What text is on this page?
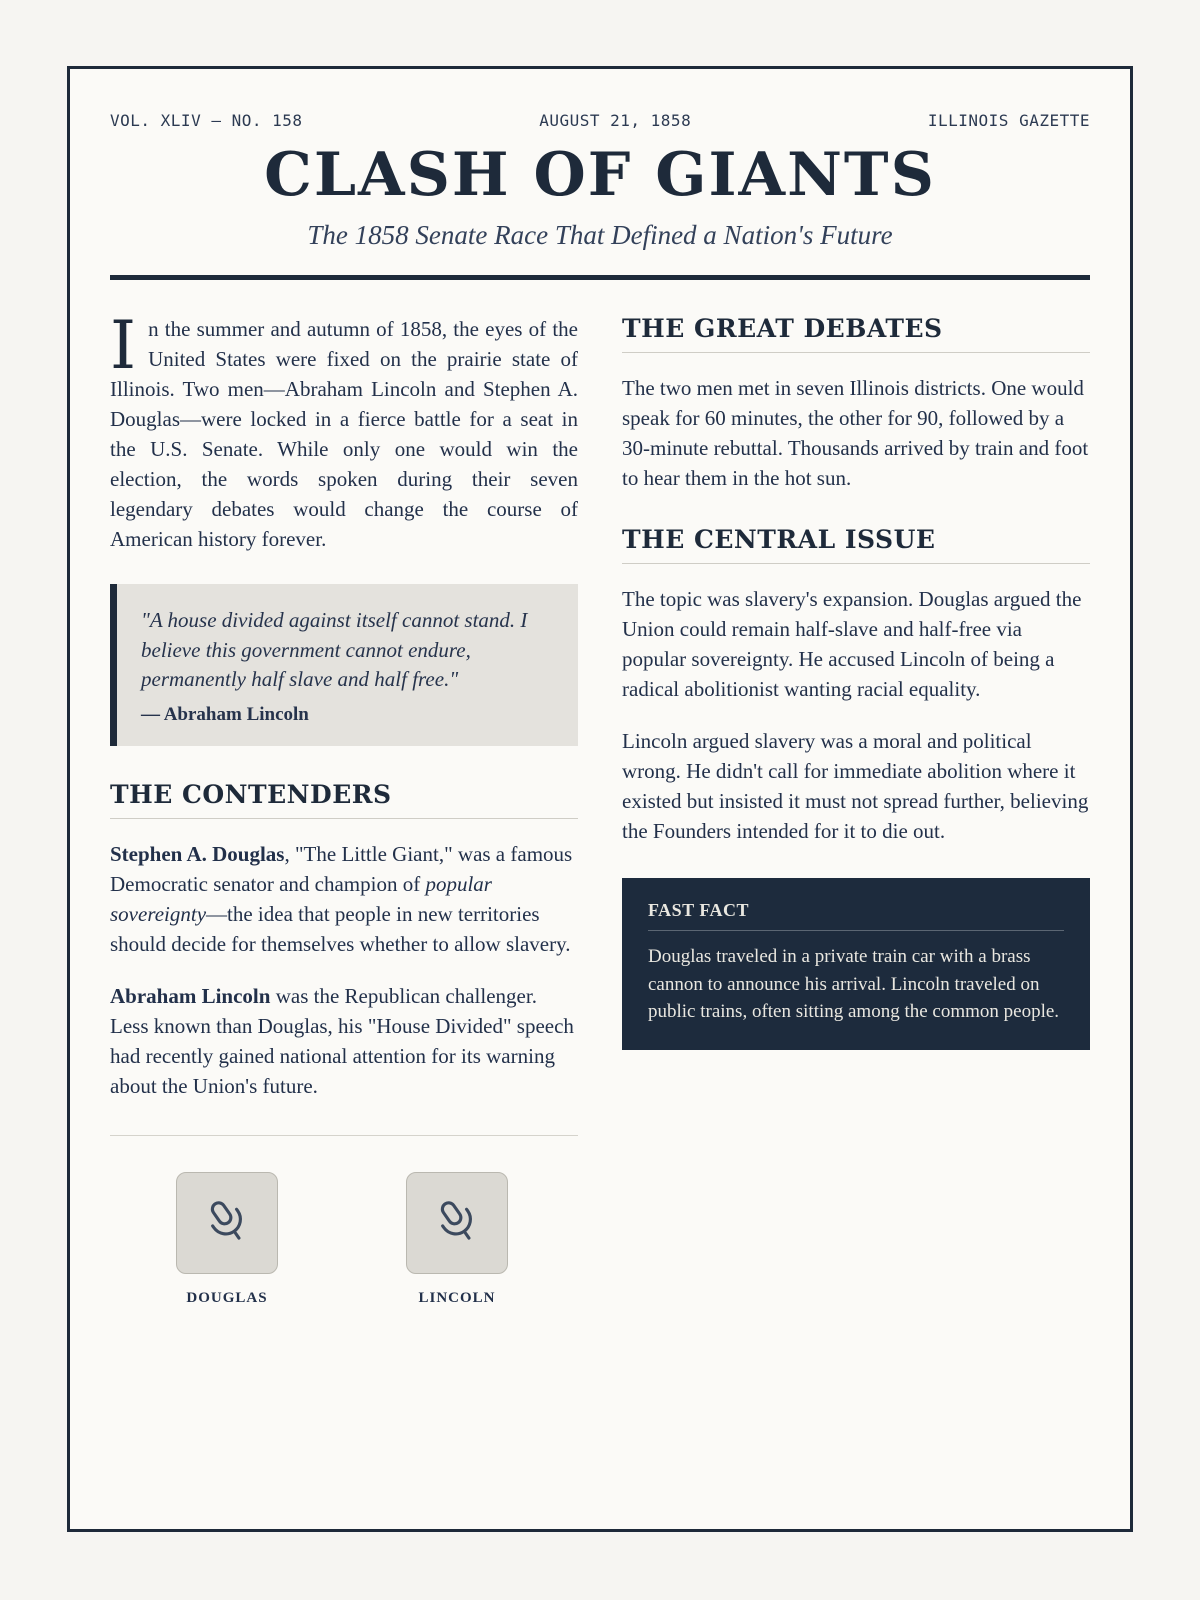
VOL. XLIV — NO. 158	AUGUST 21, 1858	ILLINOIS GAZETTE
CLASH OF GIANTS
The 1858 Senate Race That Defined a Nation's Future

In the summer and autumn of 1858, the eyes of the United States were fixed on the prairie state of Illinois. Two men—Abraham Lincoln and Stephen A. Douglas—were locked in a fierce battle for a seat in the U.S. Senate. While only one would win the election, the words spoken during their seven legendary debates would change the course of American history forever.

"A house divided against itself cannot stand. I believe this government cannot endure, permanently half slave and half free."
— Abraham Lincoln
THE CONTENDERS

Stephen A. Douglas, "The Little Giant," was a famous Democratic senator and champion of popular sovereignty—the idea that people in new territories should decide for themselves whether to allow slavery.

Abraham Lincoln was the Republican challenger. Less known than Douglas, his "House Divided" speech had recently gained national attention for its warning about the Union's future.

DOUGLAS	LINCOLN
THE GREAT DEBATES

The two men met in seven Illinois districts. One would speak for 60 minutes, the other for 90, followed by a 30-minute rebuttal. Thousands arrived by train and foot to hear them in the hot sun.

THE CENTRAL ISSUE

The topic was slavery's expansion. Douglas argued the Union could remain half-slave and half-free via popular sovereignty. He accused Lincoln of being a radical abolitionist wanting racial equality.

Lincoln argued slavery was a moral and political wrong. He didn't call for immediate abolition where it existed but insisted it must not spread further, believing the Founders intended for it to die out.

FAST FACT
Douglas traveled in a private train car with a brass cannon to announce his arrival. Lincoln traveled on public trains, often sitting among the common people.
